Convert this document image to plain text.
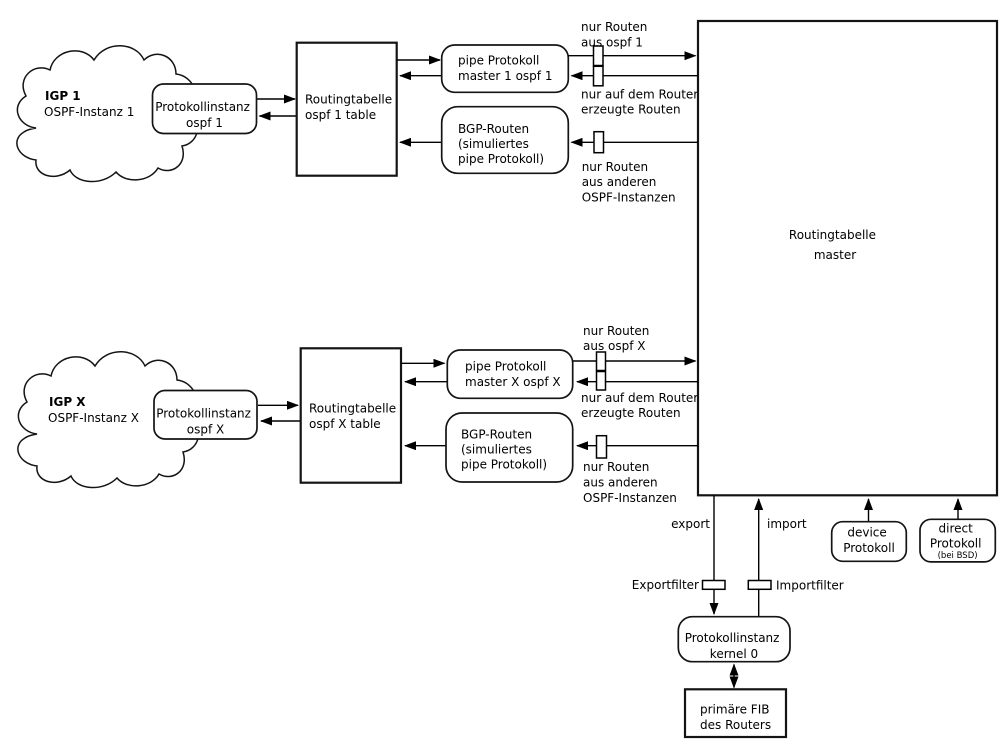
Routingtabelle master
IGP 1 OSPF-Instanz 1 Protokollinstanz ospf 1
Routingtabelle ospf 1 table
pipe Protokoll master 1 ospf 1
BGP-Routen (simuliertes pipe Protokoll)
nur Routen aus ospf 1
nur auf dem Router erzeugte Routen
nur Routen aus anderen OSPF-Instanzen
IGP X OSPF-Instanz X Protokollinstanz ospf X
Routingtabelle ospf X table
pipe Protokoll master X ospf X
BGP-Routen (simuliertes pipe Protokoll)
nur Routen aus ospf X
nur auf dem Router erzeugte Routen
nur Routen aus anderen OSPF-Instanzen
export	import
Exportfilter	Importfilter
Protokollinstanz kernel 0
primäre FIB des Routers
device Protokoll
direct Protokoll (bei BSD)
